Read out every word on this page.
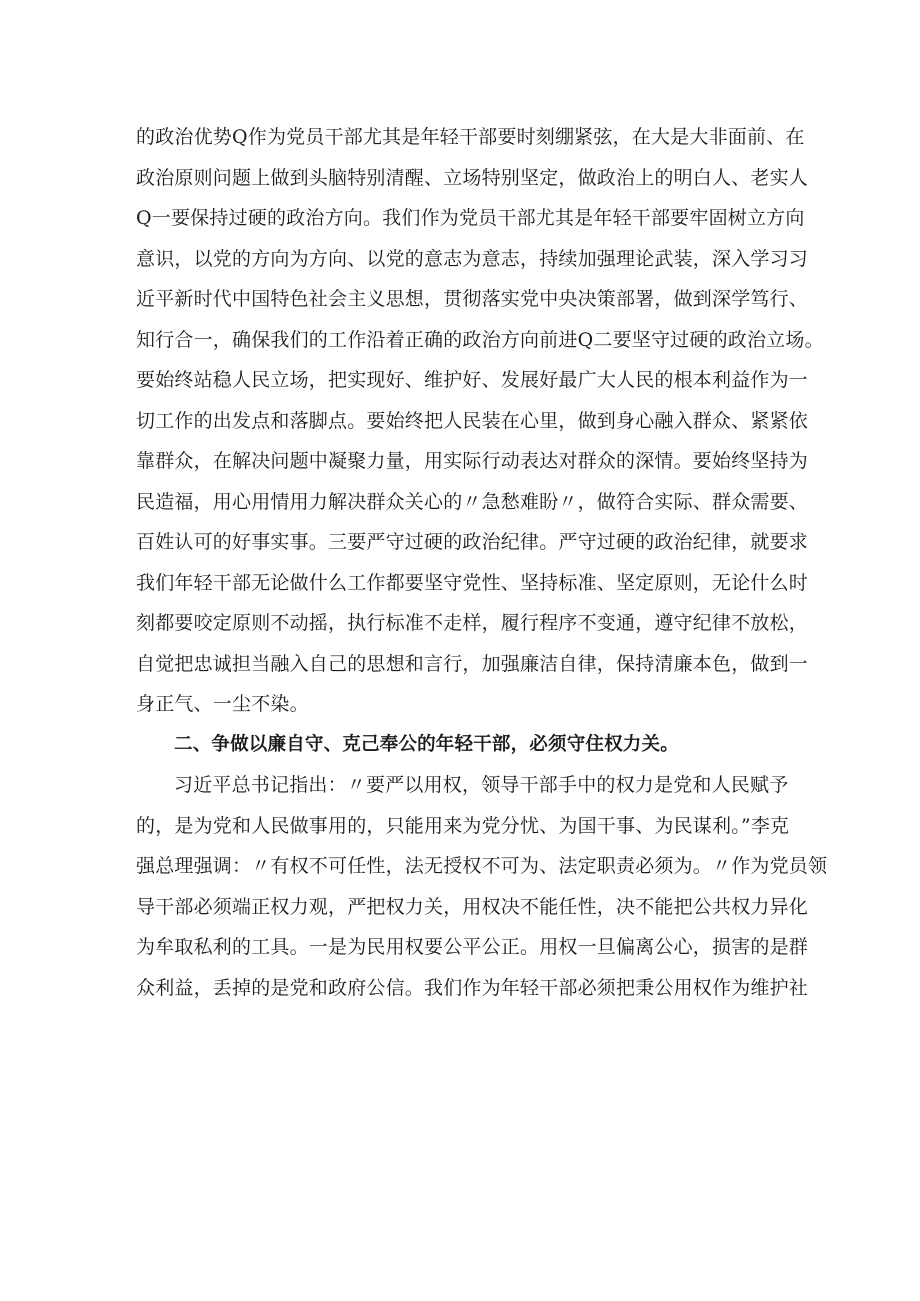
的政治优势Q作为党员干部尤其是年轻干部要时刻绷紧弦，在大是大非面前、在
政治原则问题上做到头脑特别清醒、立场特别坚定，做政治上的明白人、老实人
Q一要保持过硬的政治方向。我们作为党员干部尤其是年轻干部要牢固树立方向
意识，以党的方向为方向、以党的意志为意志，持续加强理论武装，深入学习习
近平新时代中国特色社会主义思想，贯彻落实党中央决策部署，做到深学笃行、
知行合一，确保我们的工作沿着正确的政治方向前进Q二要坚守过硬的政治立场。
要始终站稳人民立场，把实现好、维护好、发展好最广大人民的根本利益作为一
切工作的出发点和落脚点。要始终把人民装在心里，做到身心融入群众、紧紧依
靠群众，在解决问题中凝聚力量，用实际行动表达对群众的深情。要始终坚持为
民造福，用心用情用力解决群众关心的〃急愁难盼〃，做符合实际、群众需要、
百姓认可的好事实事。三要严守过硬的政治纪律。严守过硬的政治纪律，就要求
我们年轻干部无论做什么工作都要坚守党性、坚持标准、坚定原则，无论什么时
刻都要咬定原则不动摇，执行标准不走样，履行程序不变通，遵守纪律不放松，
自觉把忠诚担当融入自己的思想和言行，加强廉洁自律，保持清廉本色，做到一
身正气、一尘不染。
二、争做以廉自守、克己奉公的年轻干部，必须守住权力关。
习近平总书记指出：〃要严以用权，领导干部手中的权力是党和人民赋予
的，是为党和人民做事用的，只能用来为党分忧、为国干事、为民谋利。”李克
强总理强调：〃有权不可任性，法无授权不可为、法定职责必须为。〃作为党员领
导干部必须端正权力观，严把权力关，用权决不能任性，决不能把公共权力异化
为牟取私利的工具。一是为民用权要公平公正。用权一旦偏离公心，损害的是群
众利益，丢掉的是党和政府公信。我们作为年轻干部必须把秉公用权作为维护社
